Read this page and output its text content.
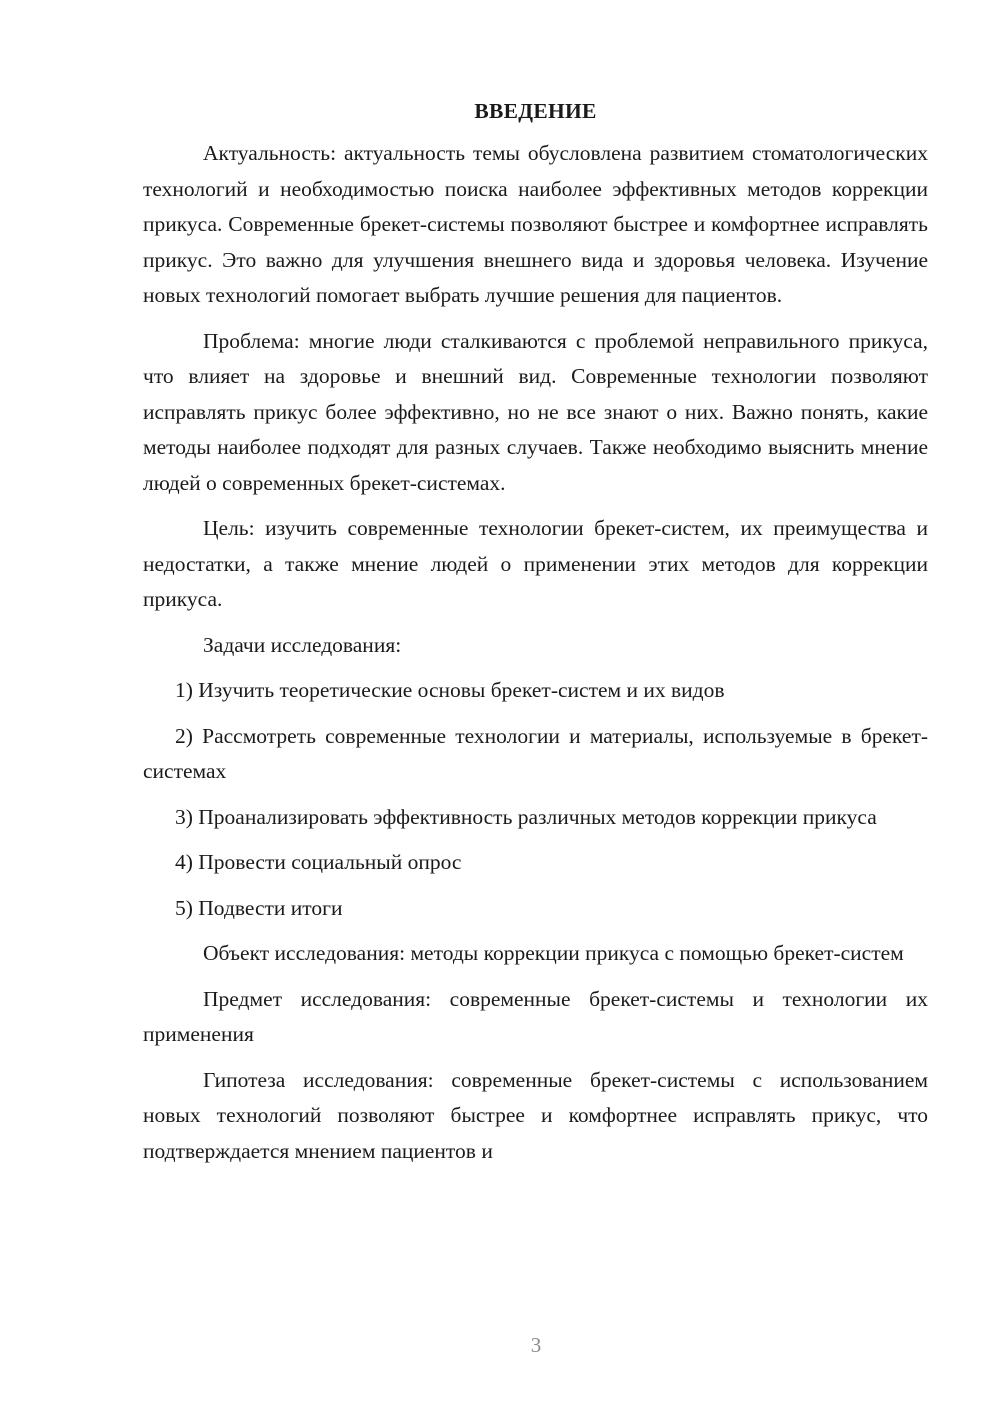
ВВЕДЕНИЕ

Актуальность: актуальность темы обусловлена развитием стоматологических технологий и необходимостью поиска наиболее эффективных методов коррекции прикуса. Современные брекет-системы позволяют быстрее и комфортнее исправлять прикус. Это важно для улучшения внешнего вида и здоровья человека. Изучение новых технологий помогает выбрать лучшие решения для пациентов.

Проблема: многие люди сталкиваются с проблемой неправильного прикуса, что влияет на здоровье и внешний вид. Современные технологии позволяют исправлять прикус более эффективно, но не все знают о них. Важно понять, какие методы наиболее подходят для разных случаев. Также необходимо выяснить мнение людей о современных брекет-системах.

Цель: изучить современные технологии брекет-систем, их преимущества и недостатки, а также мнение людей о применении этих методов для коррекции прикуса.

Задачи исследования:

1) Изучить теоретические основы брекет-систем и их видов

2) Рассмотреть современные технологии и материалы, используемые в брекет-системах

3) Проанализировать эффективность различных методов коррекции прикуса

4) Провести социальный опрос

5) Подвести итоги

Объект исследования: методы коррекции прикуса с помощью брекет-систем

Предмет исследования: современные брекет-системы и технологии их применения

Гипотеза исследования: современные брекет-системы с использованием новых технологий позволяют быстрее и комфортнее исправлять прикус, что подтверждается мнением пациентов и

3
